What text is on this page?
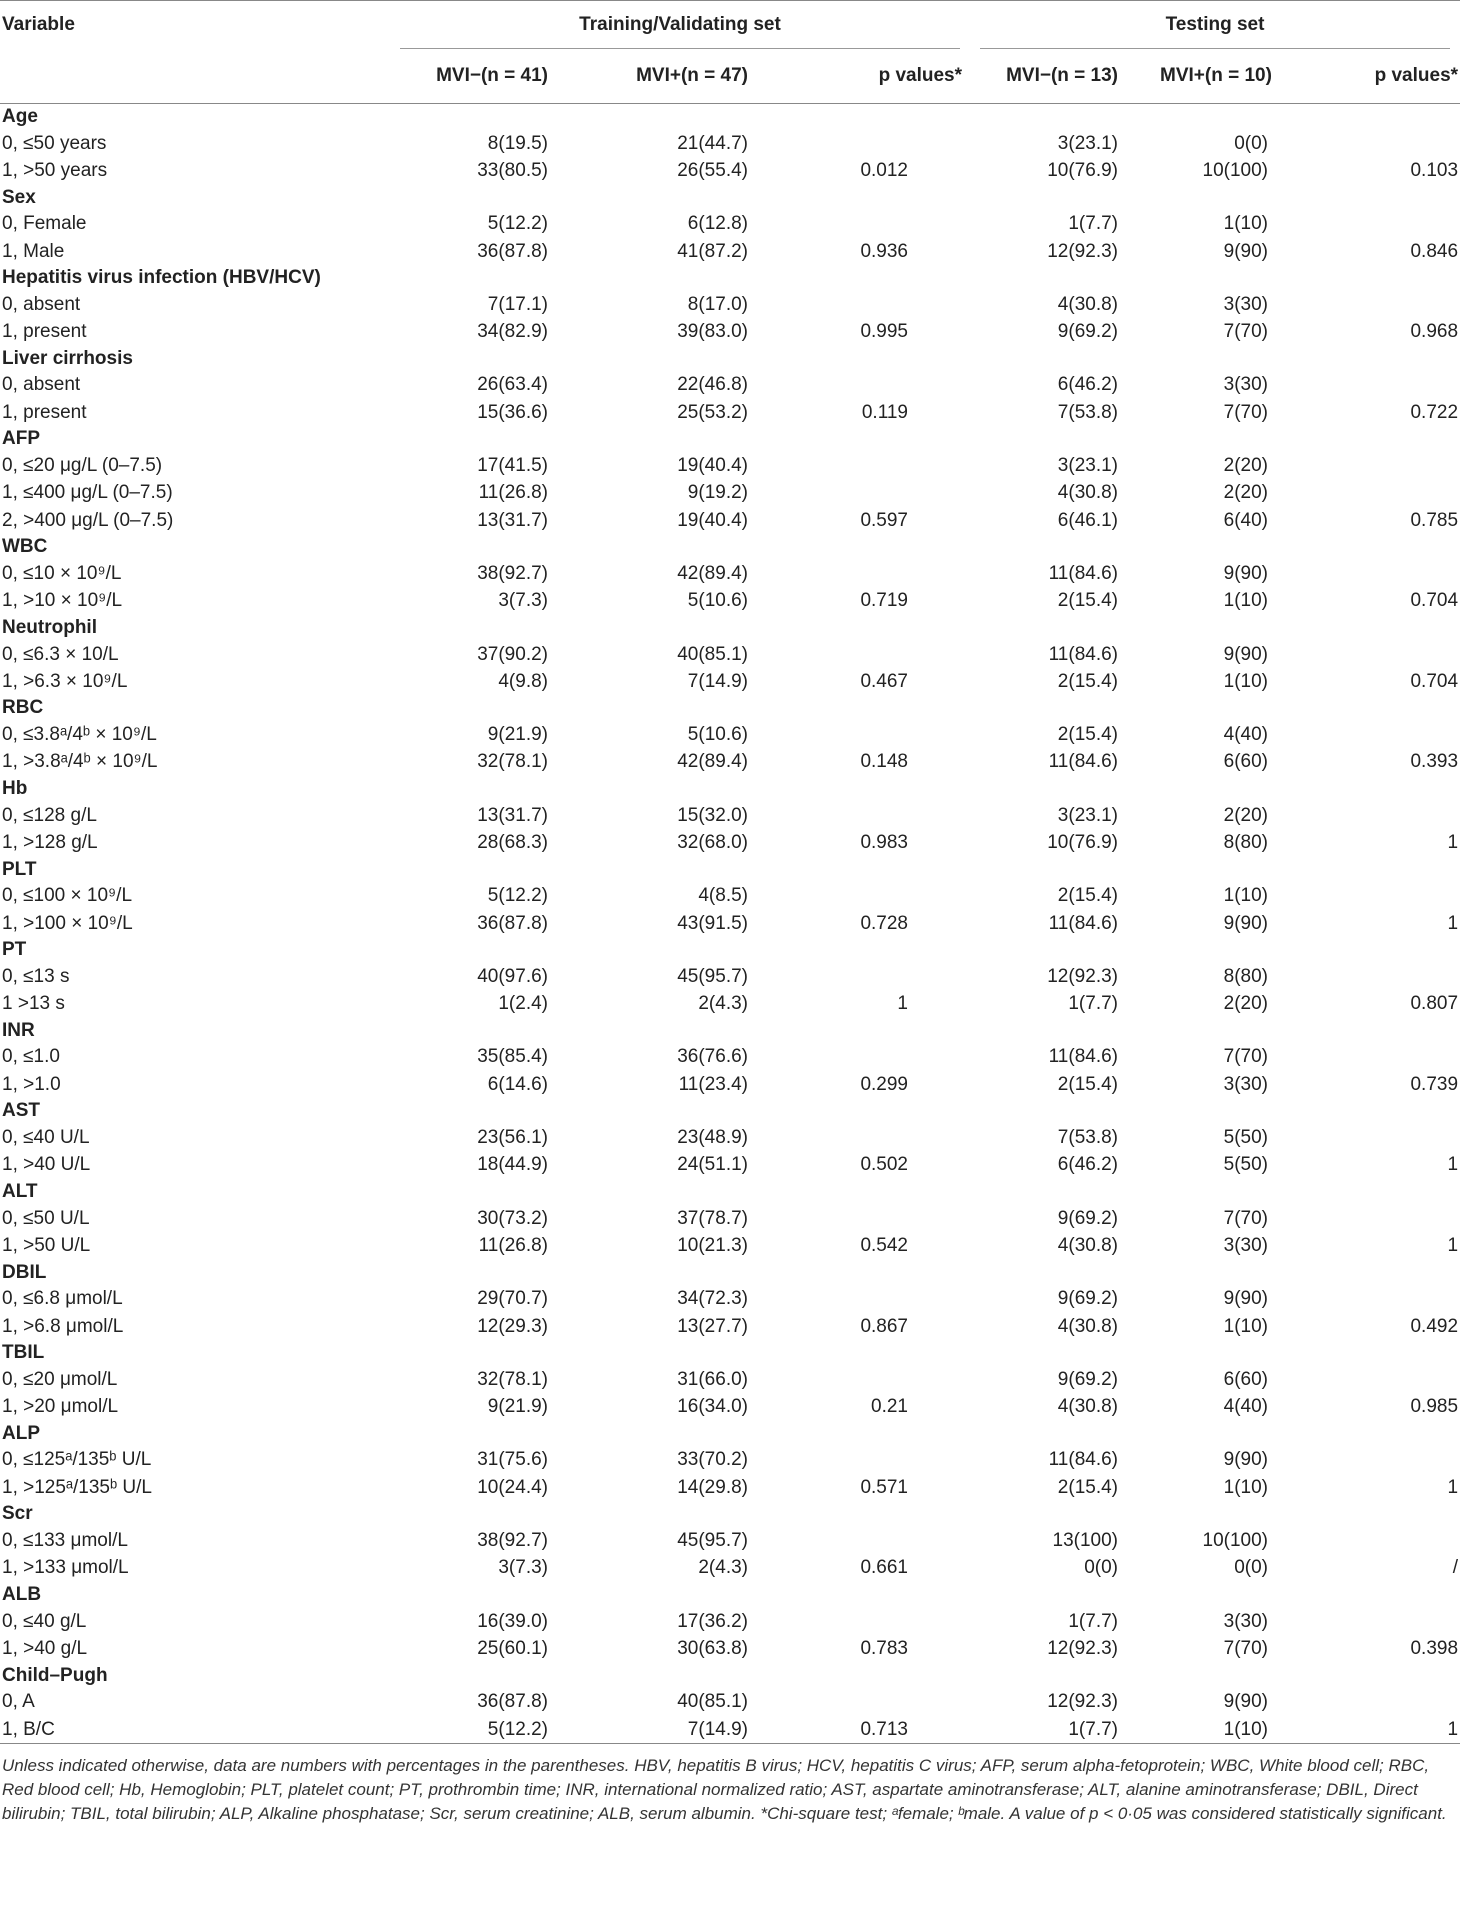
Variable	Training/Validating set			Testing set		

	MVI−(n = 41)	MVI+(n = 47)	p values*	MVI−(n = 13)	MVI+(n = 10)	p values*
Age						
0, ≤50 years	8(19.5)	21(44.7)		3(23.1)	0(0)	
1, >50 years	33(80.5)	26(55.4)	0.012	10(76.9)	10(100)	0.103
Sex						
0, Female	5(12.2)	6(12.8)		1(7.7)	1(10)	
1, Male	36(87.8)	41(87.2)	0.936	12(92.3)	9(90)	0.846
Hepatitis virus infection (HBV/HCV)						
0, absent	7(17.1)	8(17.0)		4(30.8)	3(30)	
1, present	34(82.9)	39(83.0)	0.995	9(69.2)	7(70)	0.968
Liver cirrhosis						
0, absent	26(63.4)	22(46.8)		6(46.2)	3(30)	
1, present	15(36.6)	25(53.2)	0.119	7(53.8)	7(70)	0.722
AFP						
0, ≤20 μg/L (0–7.5)	17(41.5)	19(40.4)		3(23.1)	2(20)	
1, ≤400 μg/L (0–7.5)	11(26.8)	9(19.2)		4(30.8)	2(20)	
2, >400 μg/L (0–7.5)	13(31.7)	19(40.4)	0.597	6(46.1)	6(40)	0.785
WBC						
0, ≤10 × 10⁹/L	38(92.7)	42(89.4)		11(84.6)	9(90)	
1, >10 × 10⁹/L	3(7.3)	5(10.6)	0.719	2(15.4)	1(10)	0.704
Neutrophil						
0, ≤6.3 × 10/L	37(90.2)	40(85.1)		11(84.6)	9(90)	
1, >6.3 × 10⁹/L	4(9.8)	7(14.9)	0.467	2(15.4)	1(10)	0.704
RBC						
0, ≤3.8ᵃ/4ᵇ × 10⁹/L	9(21.9)	5(10.6)		2(15.4)	4(40)	
1, >3.8ᵃ/4ᵇ × 10⁹/L	32(78.1)	42(89.4)	0.148	11(84.6)	6(60)	0.393
Hb						
0, ≤128 g/L	13(31.7)	15(32.0)		3(23.1)	2(20)	
1, >128 g/L	28(68.3)	32(68.0)	0.983	10(76.9)	8(80)	1
PLT						
0, ≤100 × 10⁹/L	5(12.2)	4(8.5)		2(15.4)	1(10)	
1, >100 × 10⁹/L	36(87.8)	43(91.5)	0.728	11(84.6)	9(90)	1
PT						
0, ≤13 s	40(97.6)	45(95.7)		12(92.3)	8(80)	
1 >13 s	1(2.4)	2(4.3)	1	1(7.7)	2(20)	0.807
INR						
0, ≤1.0	35(85.4)	36(76.6)		11(84.6)	7(70)	
1, >1.0	6(14.6)	11(23.4)	0.299	2(15.4)	3(30)	0.739
AST						
0, ≤40 U/L	23(56.1)	23(48.9)		7(53.8)	5(50)	
1, >40 U/L	18(44.9)	24(51.1)	0.502	6(46.2)	5(50)	1
ALT						
0, ≤50 U/L	30(73.2)	37(78.7)		9(69.2)	7(70)	
1, >50 U/L	11(26.8)	10(21.3)	0.542	4(30.8)	3(30)	1
DBIL						
0, ≤6.8 μmol/L	29(70.7)	34(72.3)		9(69.2)	9(90)	
1, >6.8 μmol/L	12(29.3)	13(27.7)	0.867	4(30.8)	1(10)	0.492
TBIL						
0, ≤20 μmol/L	32(78.1)	31(66.0)		9(69.2)	6(60)	
1, >20 μmol/L	9(21.9)	16(34.0)	0.21	4(30.8)	4(40)	0.985
ALP						
0, ≤125ᵃ/135ᵇ U/L	31(75.6)	33(70.2)		11(84.6)	9(90)	
1, >125ᵃ/135ᵇ U/L	10(24.4)	14(29.8)	0.571	2(15.4)	1(10)	1
Scr						
0, ≤133 μmol/L	38(92.7)	45(95.7)		13(100)	10(100)	
1, >133 μmol/L	3(7.3)	2(4.3)	0.661	0(0)	0(0)	/
ALB						
0, ≤40 g/L	16(39.0)	17(36.2)		1(7.7)	3(30)	
1, >40 g/L	25(60.1)	30(63.8)	0.783	12(92.3)	7(70)	0.398
Child–Pugh						
0, A	36(87.8)	40(85.1)		12(92.3)	9(90)	
1, B/C	5(12.2)	7(14.9)	0.713	1(7.7)	1(10)	1
Unless indicated otherwise, data are numbers with percentages in the parentheses. HBV, hepatitis B virus; HCV, hepatitis C virus; AFP, serum alpha-fetoprotein; WBC, White blood cell; RBC, Red blood cell; Hb, Hemoglobin; PLT, platelet count; PT, prothrombin time; INR, international normalized ratio; AST, aspartate aminotransferase; ALT, alanine aminotransferase; DBIL, Direct bilirubin; TBIL, total bilirubin; ALP, Alkaline phosphatase; Scr, serum creatinine; ALB, serum albumin. *Chi-square test; ᵃfemale; ᵇmale. A value of p < 0·05 was considered statistically significant.
